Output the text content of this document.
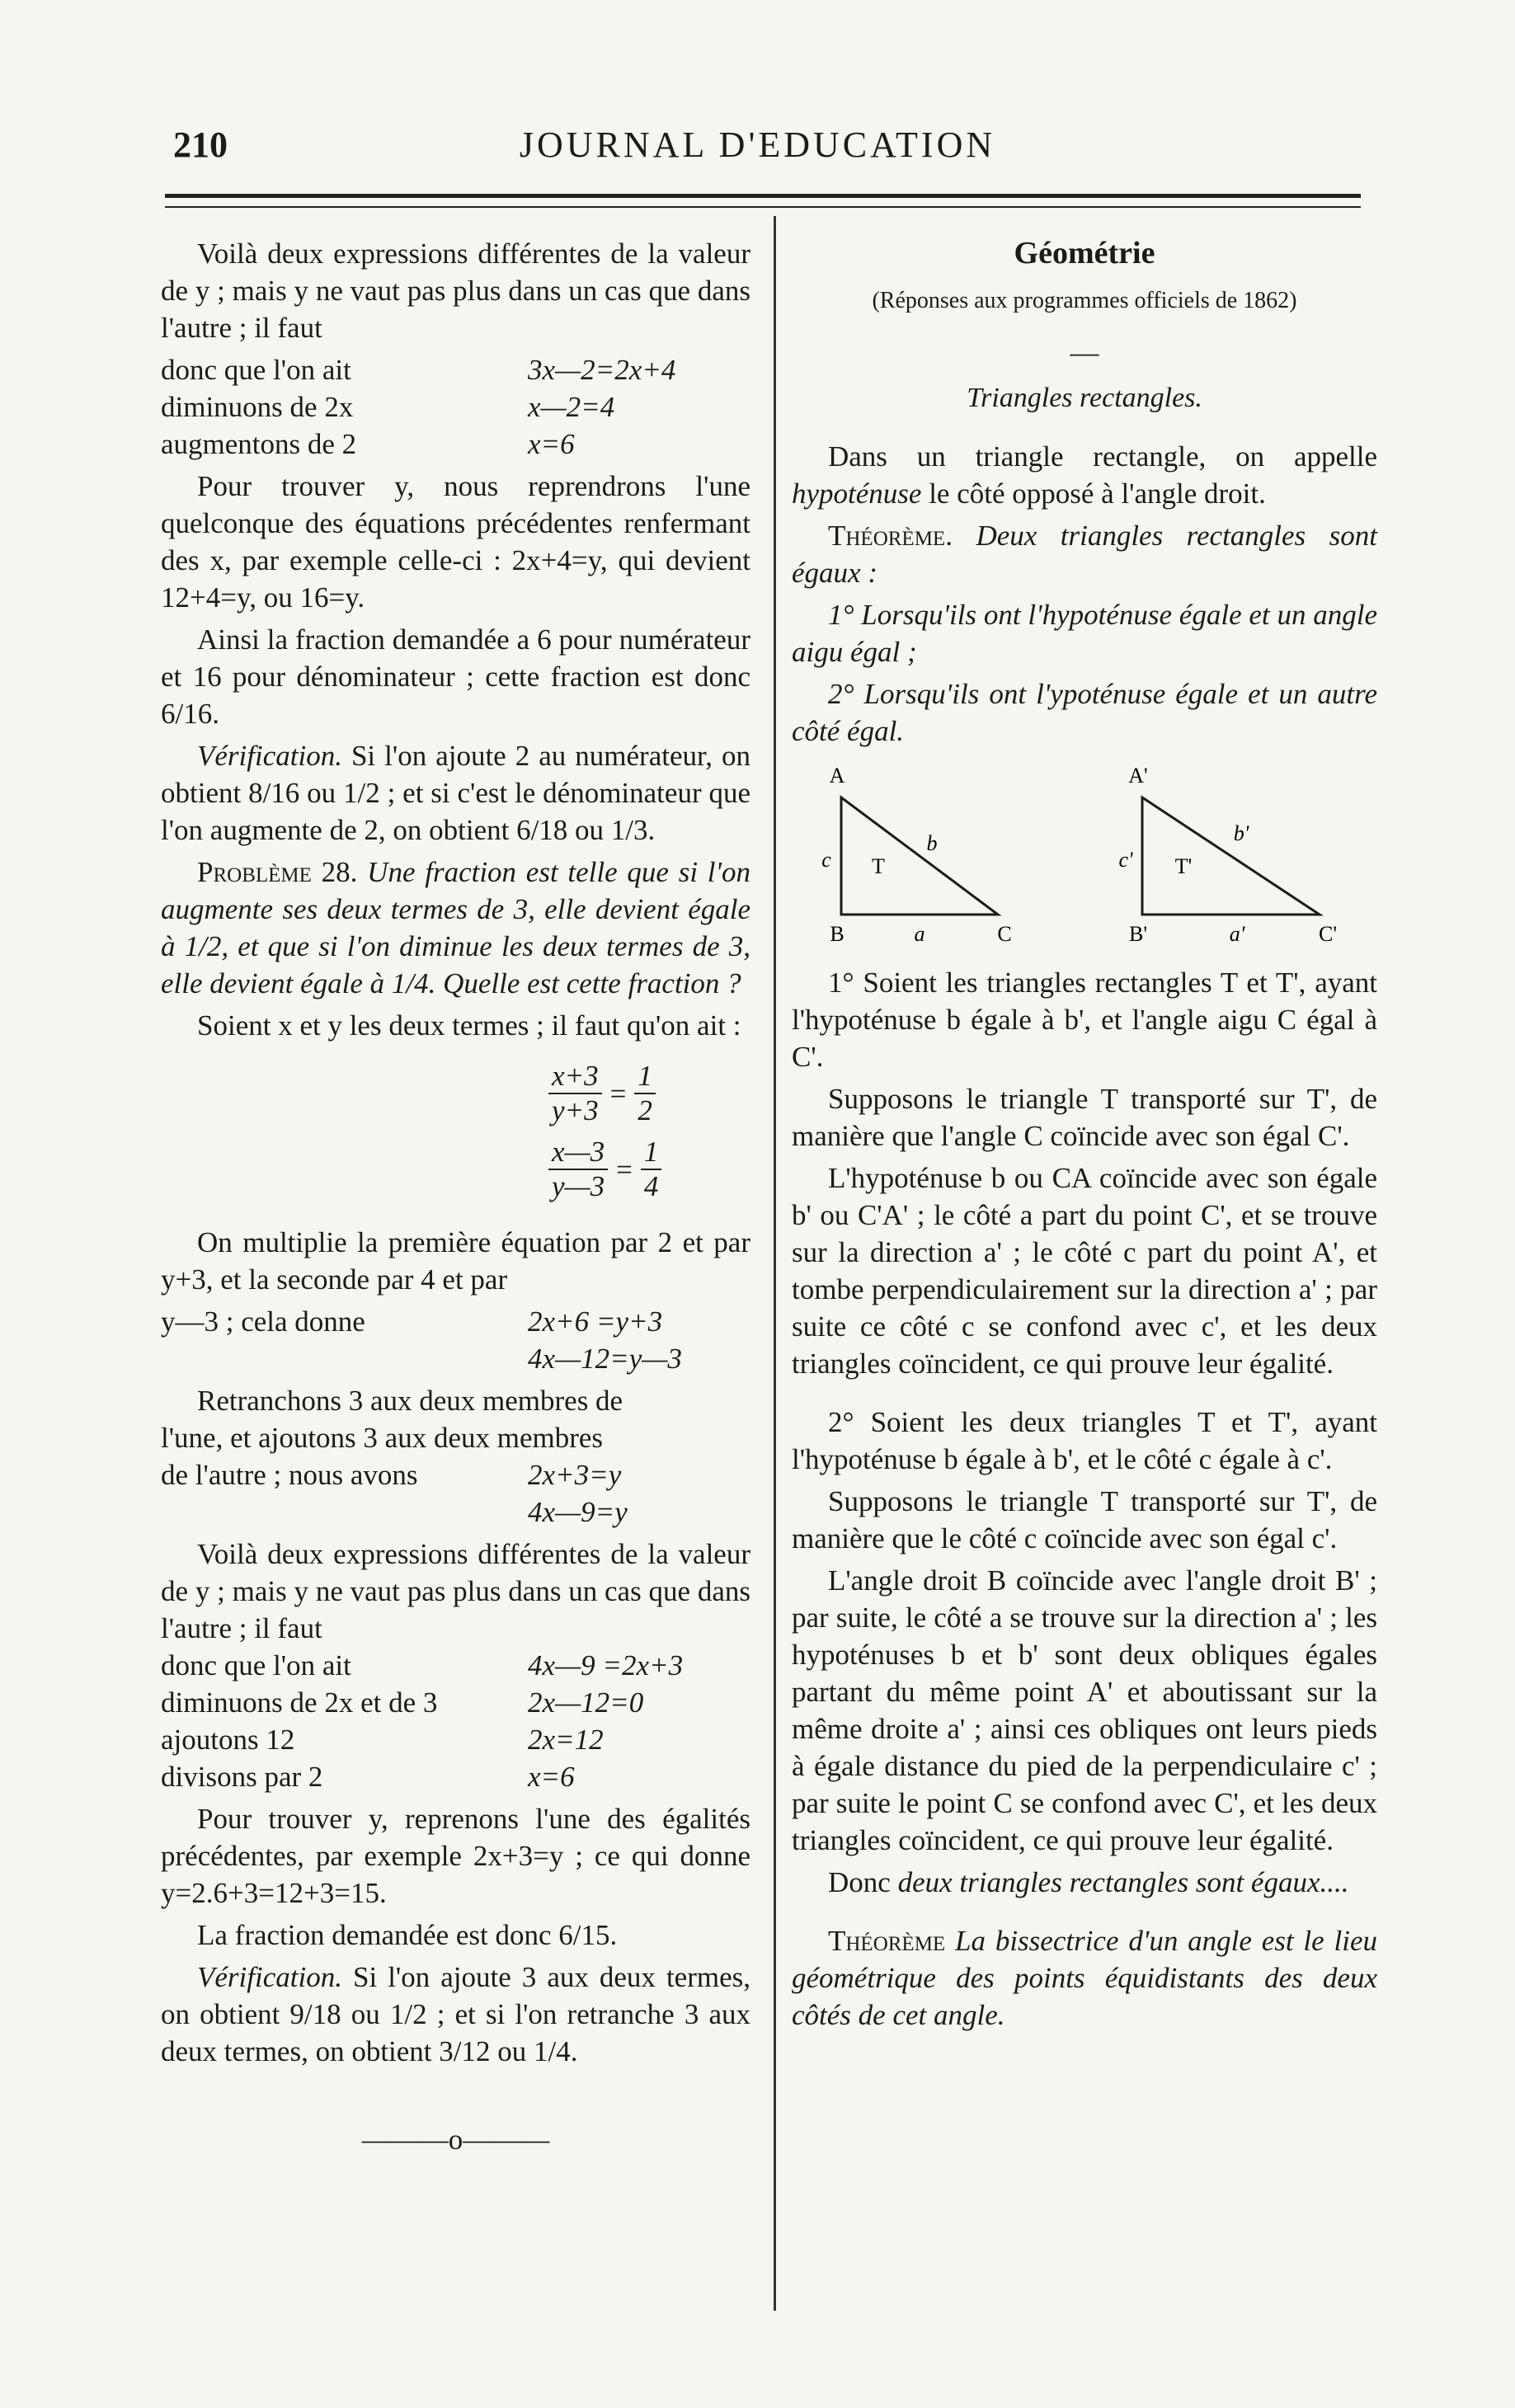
210	JOURNAL D'EDUCATION

Voilà deux expressions différentes de la valeur de y ; mais y ne vaut pas plus dans un cas que dans l'autre ; il faut

donc que l'on ait	3x—2=2x+4
diminuons de 2x	x—2=4
augmentons de 2	x=6

Pour trouver y, nous reprendrons l'une quelconque des équations précédentes renfermant des x, par exemple celle-ci : 2x+4=y, qui devient 12+4=y, ou 16=y.

Ainsi la fraction demandée a 6 pour numérateur et 16 pour dénominateur ; cette fraction est donc 6/16.

Vérification. Si l'on ajoute 2 au numérateur, on obtient 8/16 ou 1/2 ; et si c'est le dénominateur que l'on augmente de 2, on obtient 6/18 ou 1/3.

Problème 28. Une fraction est telle que si l'on augmente ses deux termes de 3, elle devient égale à 1/2, et que si l'on diminue les deux termes de 3, elle devient égale à 1/4. Quelle est cette fraction ?

Soient x et y les deux termes ; il faut qu'on ait :

$\frac{x+3}{y+3} = \frac{1}{2}$
$\frac{x—3}{y—3} = \frac{1}{4}$

On multiplie la première équation par 2 et par y+3, et la seconde par 4 et par

y—3 ; cela donne	2x+6 =y+3
4x—12=y—3

Retranchons 3 aux deux membres de

l'une, et ajoutons 3 aux deux membres

de l'autre ; nous avons	2x+3=y
4x—9=y

Voilà deux expressions différentes de la valeur de y ; mais y ne vaut pas plus dans un cas que dans l'autre ; il faut

donc que l'on ait	4x—9 =2x+3
diminuons de 2x et de 3	2x—12=0
ajoutons 12	2x=12
divisons par 2	x=6

Pour trouver y, reprenons l'une des égalités précédentes, par exemple 2x+3=y ; ce qui donne y=2.6+3=12+3=15.

La fraction demandée est donc 6/15.

Vérification. Si l'on ajoute 3 aux deux termes, on obtient 9/18 ou 1/2 ; et si l'on retranche 3 aux deux termes, on obtient 3/12 ou 1/4.

———o———
Géométrie
(Réponses aux programmes officiels de 1862)
—
Triangles rectangles.

Dans un triangle rectangle, on appelle hypoténuse le côté opposé à l'angle droit.

Théorème. Deux triangles rectangles sont égaux :

1° Lorsqu'ils ont l'hypoténuse égale et un angle aigu égal ;

2° Lorsqu'ils ont l'ypoténuse égale et un autre côté égal.

A
B	C
T
a
b
c
A'
B'	C'
T'
a'
b'
c'

1° Soient les triangles rectangles T et T', ayant l'hypoténuse b égale à b', et l'angle aigu C égal à C'.

Supposons le triangle T transporté sur T', de manière que l'angle C coïncide avec son égal C'.

L'hypoténuse b ou CA coïncide avec son égale b' ou C'A' ; le côté a part du point C', et se trouve sur la direction a' ; le côté c part du point A', et tombe perpendiculairement sur la direction a' ; par suite ce côté c se confond avec c', et les deux triangles coïncident, ce qui prouve leur égalité.

2° Soient les deux triangles T et T', ayant l'hypoténuse b égale à b', et le côté c égale à c'.

Supposons le triangle T transporté sur T', de manière que le côté c coïncide avec son égal c'.

L'angle droit B coïncide avec l'angle droit B' ; par suite, le côté a se trouve sur la direction a' ; les hypoténuses b et b' sont deux obliques égales partant du même point A' et aboutissant sur la même droite a' ; ainsi ces obliques ont leurs pieds à égale distance du pied de la perpendiculaire c' ; par suite le point C se confond avec C', et les deux triangles coïncident, ce qui prouve leur égalité.

Donc deux triangles rectangles sont égaux....

Théorème La bissectrice d'un angle est le lieu géométrique des points équidistants des deux côtés de cet angle.
